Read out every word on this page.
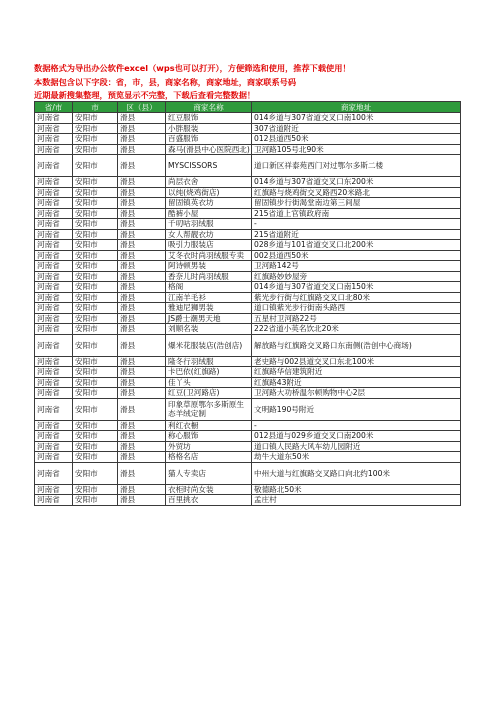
数据格式为导出办公软件excel（wps也可以打开），方便筛选和使用，推荐下载使用！
本数据包含以下字段：省，市，县，商家名称，商家地址，商家联系号码
近期最新搜集整理，预览显示不完整，下载后查看完整数据！
省/市	市	区（县）	商家名称	商家地址
河南省	安阳市	滑县	红豆服饰	014乡道与307省道交叉口南100米
河南省	安阳市	滑县	小胖服装	307省道附近
河南省	安阳市	滑县	百盛服饰	012县道西50米
河南省	安阳市	滑县	森马(滑县中心医院西北)	卫河路105号北90米
河南省	安阳市	滑县	MYSCISSORS	道口新区祥泰苑西门对过鄂尔多斯二楼
河南省	安阳市	滑县	尚层衣舍	014乡道与307省道交叉口东200米
河南省	安阳市	滑县	以纯(烧鸡街店)	红旗路与烧鸡街交叉路西20米路北
河南省	安阳市	滑县	留固镇英衣坊	留固镇步行街渴堂南边第三间屋
河南省	安阳市	滑县	酷裤小屋	215省道上官镇政府南
河南省	安阳市	滑县	千叨咕羽绒服	-
河南省	安阳市	滑县	女人帮靓衣坊	215省道附近
河南省	安阳市	滑县	吸引力服装店	028乡道与101省道交叉口北200米
河南省	安阳市	滑县	艾冬衣时尚羽绒服专卖	002县道西50米
河南省	安阳市	滑县	阿诗顿男装	卫河路142号
河南省	安阳市	滑县	香奈儿时尚羽绒服	红旗路妙妙屋旁
河南省	安阳市	滑县	格阁	014乡道与307省道交叉口南150米
河南省	安阳市	滑县	江南羊毛衫	紫光步行街与红旗路交叉口北80米
河南省	安阳市	滑县	雅迪尼狮男装	道口镇紫光步行街南头路西
河南省	安阳市	滑县	JS爵士潮男天地	五星村卫河路22号
河南省	安阳市	滑县	刘顺名装	222省道小英名饮北20米
河南省	安阳市	滑县	爆米花服装店(浩创店)	解放路与红旗路交叉路口东南侧(浩创中心商场)
河南省	安阳市	滑县	隆冬行羽绒服	老史路与002县道交叉口东北100米
河南省	安阳市	滑县	卡巴依(红旗路)	红旗路华信建筑附近
河南省	安阳市	滑县	佳丫头	红旗路43附近
河南省	安阳市	滑县	红豆(卫河路店)	卫河路大功桥温尔顿购物中心2层
河南省	安阳市	滑县	印象草原鄂尔多斯原生态羊绒定制	文明路190号附近
河南省	安阳市	滑县	利红衣橱	-
河南省	安阳市	滑县	称心服饰	012县道与029乡道交叉口南200米
河南省	安阳市	滑县	外贸坊	道口镇人民路大风车幼儿园附近
河南省	安阳市	滑县	格格名店	劫牛大道东50米
河南省	安阳市	滑县	猫人专卖店	中州大道与红旗路交叉路口向北约100米
河南省	安阳市	滑县	衣柜时尚女装	敬德路北50米
河南省	安阳市	滑县	百里挑衣	孟庄村
